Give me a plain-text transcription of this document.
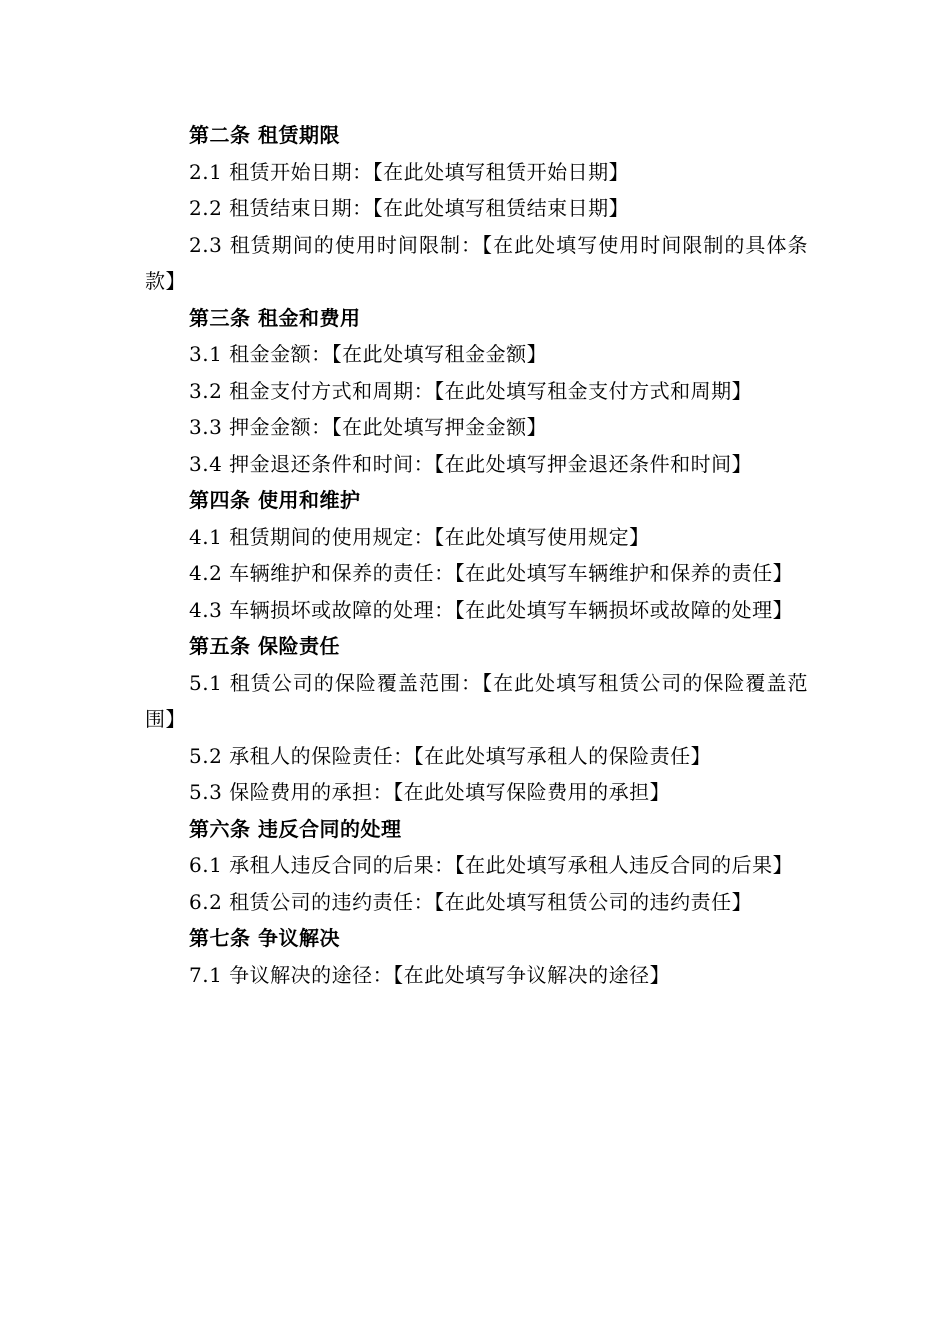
第二条 租赁期限
2.1 租赁开始日期：【在此处填写租赁开始日期】
2.2 租赁结束日期：【在此处填写租赁结束日期】
2.3 租赁期间的使用时间限制：【在此处填写使用时间限制的具体条款】
第三条 租金和费用
3.1 租金金额：【在此处填写租金金额】
3.2 租金支付方式和周期：【在此处填写租金支付方式和周期】
3.3 押金金额：【在此处填写押金金额】
3.4 押金退还条件和时间：【在此处填写押金退还条件和时间】
第四条 使用和维护
4.1 租赁期间的使用规定：【在此处填写使用规定】
4.2 车辆维护和保养的责任：【在此处填写车辆维护和保养的责任】
4.3 车辆损坏或故障的处理：【在此处填写车辆损坏或故障的处理】
第五条 保险责任
5.1 租赁公司的保险覆盖范围：【在此处填写租赁公司的保险覆盖范围】
5.2 承租人的保险责任：【在此处填写承租人的保险责任】
5.3 保险费用的承担：【在此处填写保险费用的承担】
第六条 违反合同的处理
6.1 承租人违反合同的后果：【在此处填写承租人违反合同的后果】
6.2 租赁公司的违约责任：【在此处填写租赁公司的违约责任】
第七条 争议解决
7.1 争议解决的途径：【在此处填写争议解决的途径】
